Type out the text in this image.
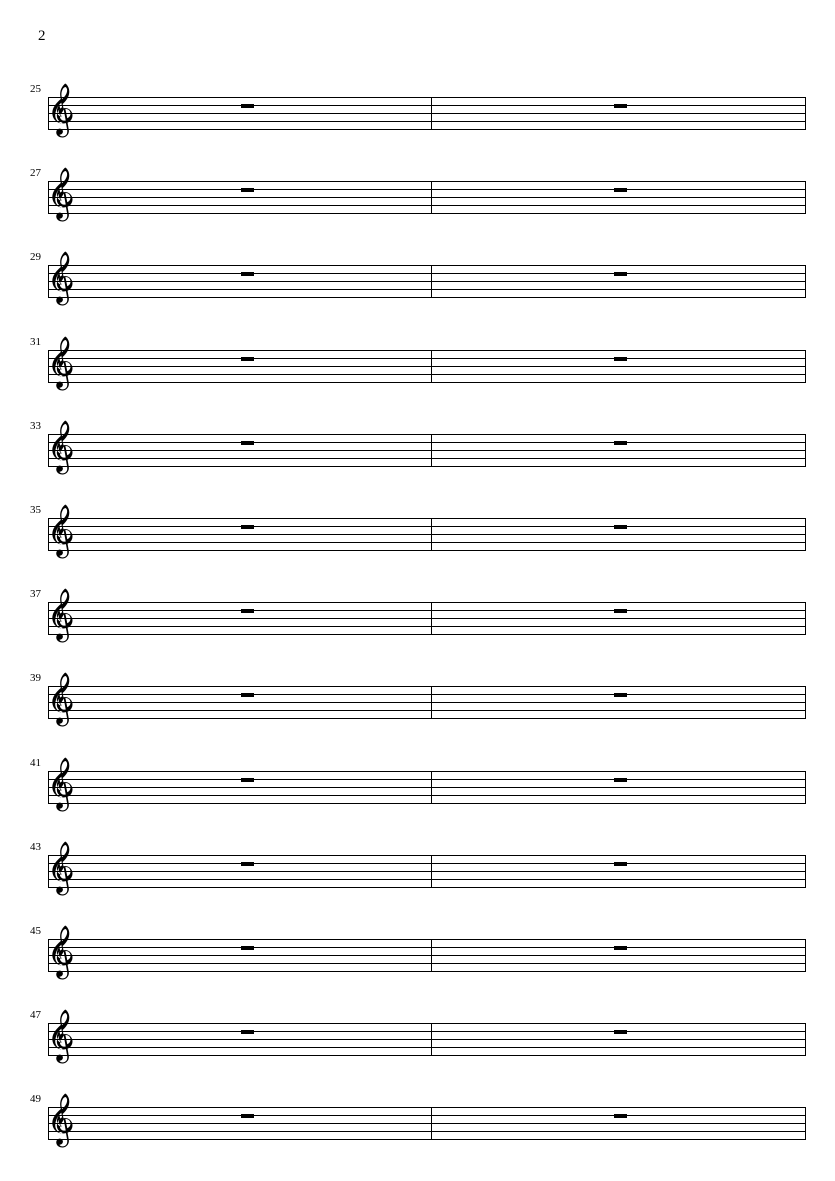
2
25
27
29
31
33
35
37
39
41
43
45
47
49
